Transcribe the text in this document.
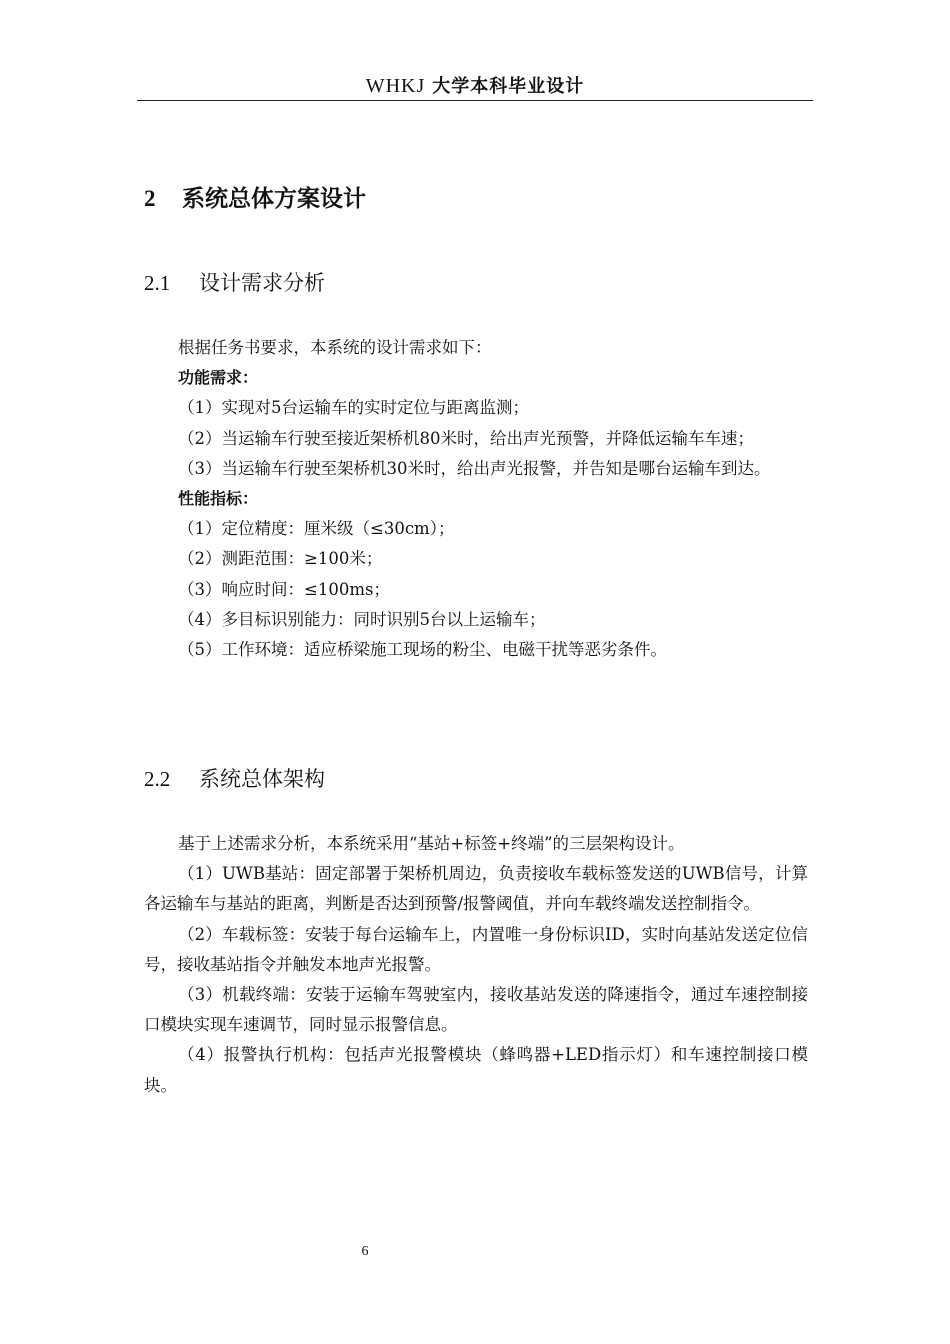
WHKJ 大学本科毕业设计
2 系统总体方案设计
2.1 设计需求分析

根据任务书要求，本系统的设计需求如下：

功能需求：

（1）实现对5台运输车的实时定位与距离监测；

（2）当运输车行驶至接近架桥机80米时，给出声光预警，并降低运输车车速；

（3）当运输车行驶至架桥机30米时，给出声光报警，并告知是哪台运输车到达。

性能指标：

（1）定位精度：厘米级（≤30cm）；

（2）测距范围：≥100米；

（3）响应时间：≤100ms；

（4）多目标识别能力：同时识别5台以上运输车；

（5）工作环境：适应桥梁施工现场的粉尘、电磁干扰等恶劣条件。

2.2 系统总体架构

基于上述需求分析，本系统采用“基站+标签+终端”的三层架构设计。

（1）UWB基站：固定部署于架桥机周边，负责接收车载标签发送的UWB信号，计算各运输车与基站的距离，判断是否达到预警/报警阈值，并向车载终端发送控制指令。

（2）车载标签：安装于每台运输车上，内置唯一身份标识ID，实时向基站发送定位信号，接收基站指令并触发本地声光报警。

（3）机载终端：安装于运输车驾驶室内，接收基站发送的降速指令，通过车速控制接口模块实现车速调节，同时显示报警信息。

（4）报警执行机构：包括声光报警模块（蜂鸣器+LED指示灯）和车速控制接口模块。

6
